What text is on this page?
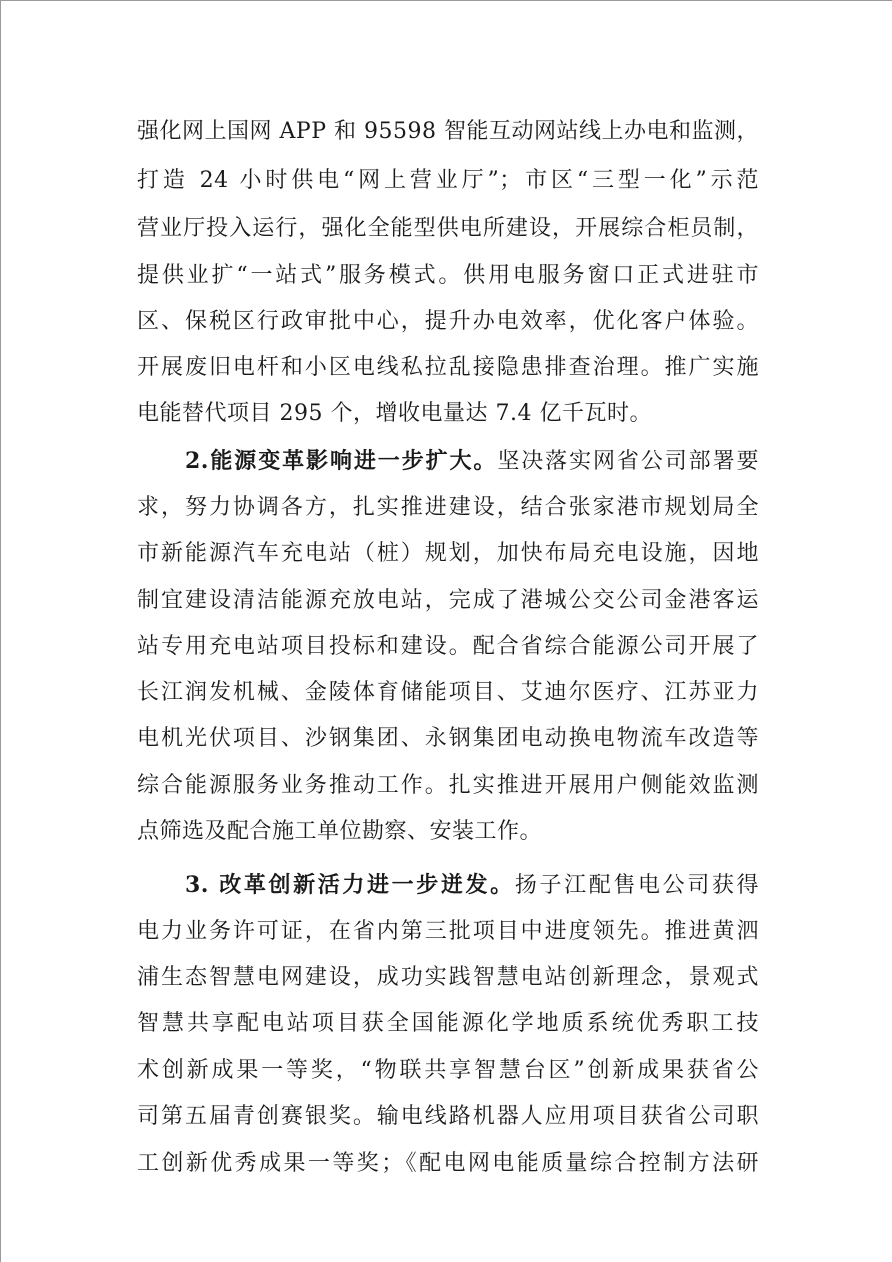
强化网上国网 APP 和 95598 智能互动网站线上办电和监测，
打造 24 小时供电“网上营业厅”；市区“三型一化”示范
营业厅投入运行，强化全能型供电所建设，开展综合柜员制，
提供业扩“一站式”服务模式。供用电服务窗口正式进驻市
区、保税区行政审批中心，提升办电效率，优化客户体验。
开展废旧电杆和小区电线私拉乱接隐患排查治理。推广实施
电能替代项目 295 个，增收电量达 7.4 亿千瓦时。
2.能源变革影响进一步扩大。坚决落实网省公司部署要
求，努力协调各方，扎实推进建设，结合张家港市规划局全
市新能源汽车充电站（桩）规划，加快布局充电设施，因地
制宜建设清洁能源充放电站，完成了港城公交公司金港客运
站专用充电站项目投标和建设。配合省综合能源公司开展了
长江润发机械、金陵体育储能项目、艾迪尔医疗、江苏亚力
电机光伏项目、沙钢集团、永钢集团电动换电物流车改造等
综合能源服务业务推动工作。扎实推进开展用户侧能效监测
点筛选及配合施工单位勘察、安装工作。
3. 改革创新活力进一步迸发。扬子江配售电公司获得
电力业务许可证，在省内第三批项目中进度领先。推进黄泗
浦生态智慧电网建设，成功实践智慧电站创新理念，景观式
智慧共享配电站项目获全国能源化学地质系统优秀职工技
术创新成果一等奖，“物联共享智慧台区”创新成果获省公
司第五届青创赛银奖。输电线路机器人应用项目获省公司职
工创新优秀成果一等奖；《配电网电能质量综合控制方法研
